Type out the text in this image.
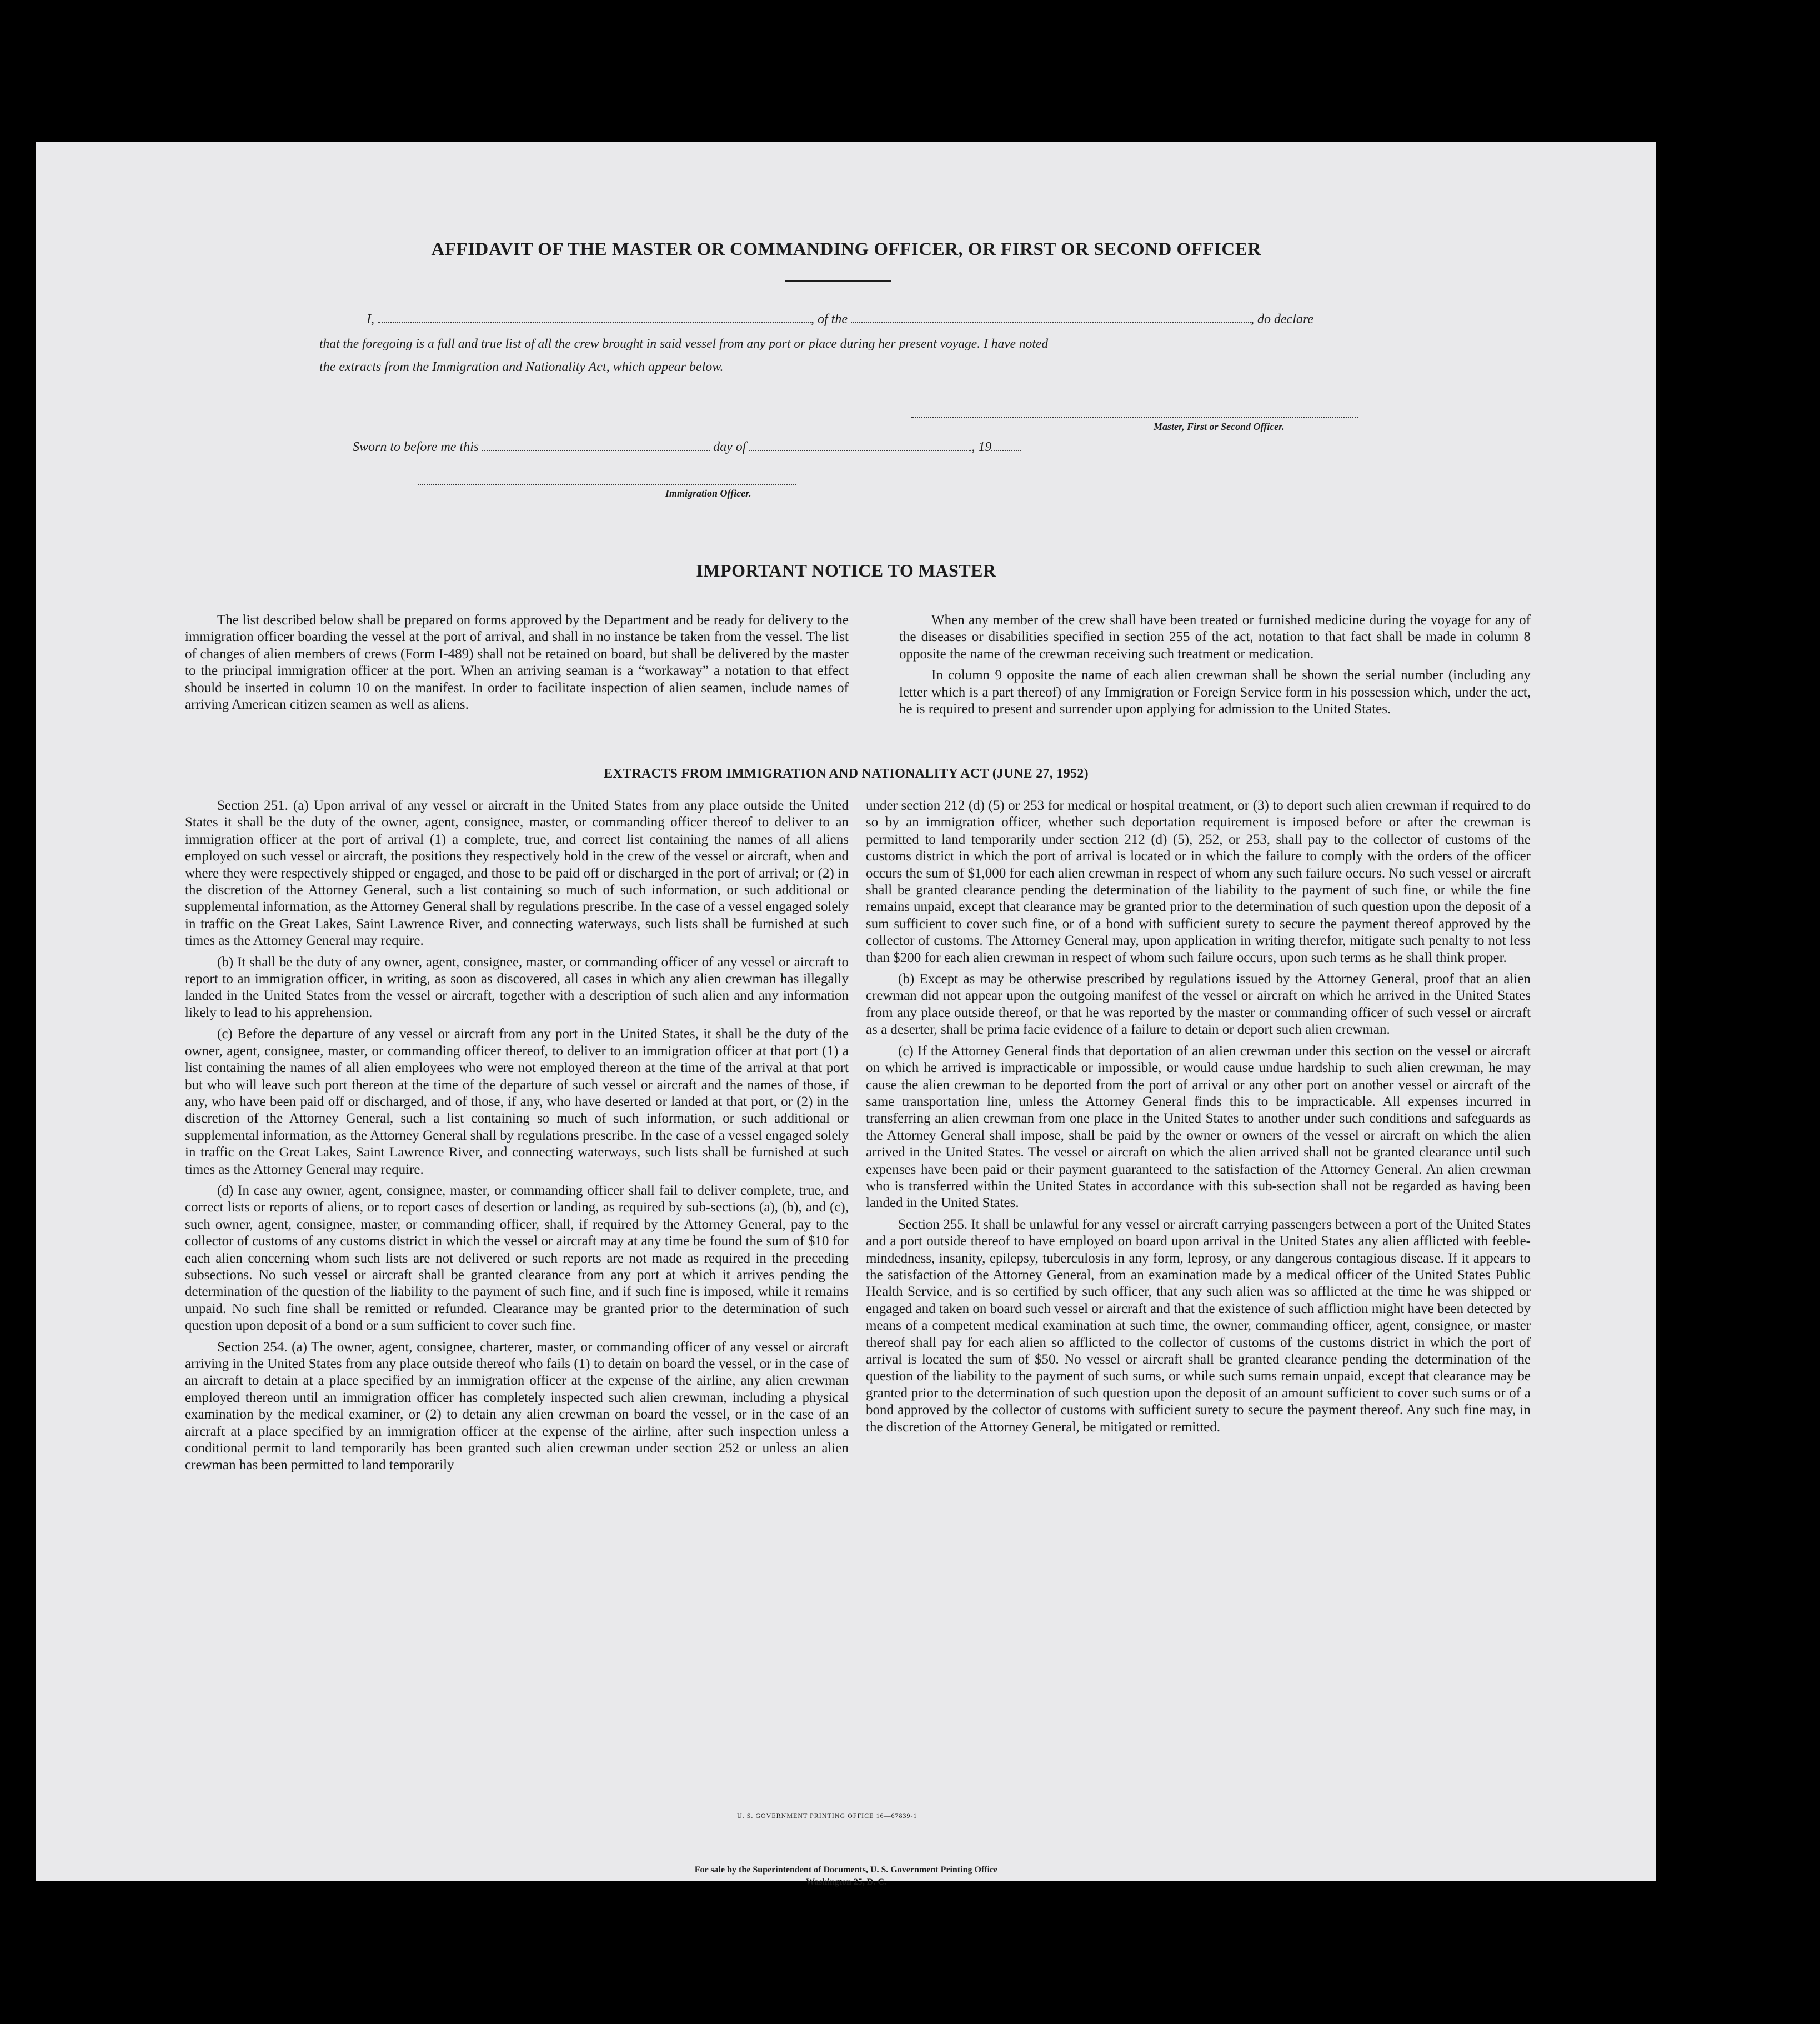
AFFIDAVIT OF THE MASTER OR COMMANDING OFFICER, OR FIRST OR SECOND OFFICER
I,	, of the	, do declare
that the foregoing is a full and true list of all the crew brought in said vessel from any port or place during her present voyage. I have noted
the extracts from the Immigration and Nationality Act, which appear below.
Master, First or Second Officer.
Sworn to before me this	day of	, 19
Immigration Officer.
IMPORTANT NOTICE TO MASTER

The list described below shall be prepared on forms approved by the Department and be ready for delivery to the immigration officer boarding the vessel at the port of arrival, and shall in no instance be taken from the vessel. The list of changes of alien members of crews (Form I-489) shall not be retained on board, but shall be delivered by the master to the principal immigration officer at the port. When an arriving seaman is a “workaway” a notation to that effect should be inserted in column 10 on the manifest. In order to facilitate inspection of alien seamen, include names of arriving American citizen seamen as well as aliens.

When any member of the crew shall have been treated or furnished medicine during the voyage for any of the diseases or disabilities specified in section 255 of the act, notation to that fact shall be made in column 8 opposite the name of the crewman receiving such treatment or medication.

In column 9 opposite the name of each alien crewman shall be shown the serial number (including any letter which is a part thereof) of any Immigration or Foreign Service form in his possession which, under the act, he is required to present and surrender upon applying for admission to the United States.

EXTRACTS FROM IMMIGRATION AND NATIONALITY ACT (JUNE 27, 1952)

Section 251. (a) Upon arrival of any vessel or aircraft in the United States from any place outside the United States it shall be the duty of the owner, agent, consignee, master, or commanding officer thereof to deliver to an immigration officer at the port of arrival (1) a complete, true, and correct list containing the names of all aliens employed on such vessel or aircraft, the positions they respectively hold in the crew of the vessel or aircraft, when and where they were respectively shipped or engaged, and those to be paid off or discharged in the port of arrival; or (2) in the discretion of the Attorney General, such a list containing so much of such information, or such additional or supplemental information, as the Attorney General shall by regulations prescribe. In the case of a vessel engaged solely in traffic on the Great Lakes, Saint Lawrence River, and connecting waterways, such lists shall be furnished at such times as the Attorney General may require.

(b) It shall be the duty of any owner, agent, consignee, master, or commanding officer of any vessel or aircraft to report to an immigration officer, in writing, as soon as discovered, all cases in which any alien crewman has illegally landed in the United States from the vessel or aircraft, together with a description of such alien and any information likely to lead to his apprehension.

(c) Before the departure of any vessel or aircraft from any port in the United States, it shall be the duty of the owner, agent, consignee, master, or commanding officer thereof, to deliver to an immigration officer at that port (1) a list containing the names of all alien employees who were not employed thereon at the time of the arrival at that port but who will leave such port thereon at the time of the departure of such vessel or aircraft and the names of those, if any, who have been paid off or discharged, and of those, if any, who have deserted or landed at that port, or (2) in the discretion of the Attorney General, such a list containing so much of such information, or such additional or supplemental information, as the Attorney General shall by regulations prescribe. In the case of a vessel engaged solely in traffic on the Great Lakes, Saint Lawrence River, and connecting waterways, such lists shall be furnished at such times as the Attorney General may require.

(d) In case any owner, agent, consignee, master, or commanding officer shall fail to deliver complete, true, and correct lists or reports of aliens, or to report cases of desertion or landing, as required by sub-sections (a), (b), and (c), such owner, agent, consignee, master, or commanding officer, shall, if required by the Attorney General, pay to the collector of customs of any customs district in which the vessel or aircraft may at any time be found the sum of $10 for each alien concerning whom such lists are not delivered or such reports are not made as required in the preceding subsections. No such vessel or aircraft shall be granted clearance from any port at which it arrives pending the determination of the question of the liability to the payment of such fine, and if such fine is imposed, while it remains unpaid. No such fine shall be remitted or refunded. Clearance may be granted prior to the determination of such question upon deposit of a bond or a sum sufficient to cover such fine.

Section 254. (a) The owner, agent, consignee, charterer, master, or commanding officer of any vessel or aircraft arriving in the United States from any place outside thereof who fails (1) to detain on board the vessel, or in the case of an aircraft to detain at a place specified by an immigration officer at the expense of the airline, any alien crewman employed thereon until an immigration officer has completely inspected such alien crewman, including a physical examination by the medical examiner, or (2) to detain any alien crewman on board the vessel, or in the case of an aircraft at a place specified by an immigration officer at the expense of the airline, after such inspection unless a conditional permit to land temporarily has been granted such alien crewman under section 252 or unless an alien crewman has been permitted to land temporarily

under section 212 (d) (5) or 253 for medical or hospital treatment, or (3) to deport such alien crewman if required to do so by an immigration officer, whether such deportation requirement is imposed before or after the crewman is permitted to land temporarily under section 212 (d) (5), 252, or 253, shall pay to the collector of customs of the customs district in which the port of arrival is located or in which the failure to comply with the orders of the officer occurs the sum of $1,000 for each alien crewman in respect of whom any such failure occurs. No such vessel or aircraft shall be granted clearance pending the determination of the liability to the payment of such fine, or while the fine remains unpaid, except that clearance may be granted prior to the determination of such question upon the deposit of a sum sufficient to cover such fine, or of a bond with sufficient surety to secure the payment thereof approved by the collector of customs. The Attorney General may, upon application in writing therefor, mitigate such penalty to not less than $200 for each alien crewman in respect of whom such failure occurs, upon such terms as he shall think proper.

(b) Except as may be otherwise prescribed by regulations issued by the Attorney General, proof that an alien crewman did not appear upon the outgoing manifest of the vessel or aircraft on which he arrived in the United States from any place outside thereof, or that he was reported by the master or commanding officer of such vessel or aircraft as a deserter, shall be prima facie evidence of a failure to detain or deport such alien crewman.

(c) If the Attorney General finds that deportation of an alien crewman under this section on the vessel or aircraft on which he arrived is impracticable or impossible, or would cause undue hardship to such alien crewman, he may cause the alien crewman to be deported from the port of arrival or any other port on another vessel or aircraft of the same transportation line, unless the Attorney General finds this to be impracticable. All expenses incurred in transferring an alien crewman from one place in the United States to another under such conditions and safeguards as the Attorney General shall impose, shall be paid by the owner or owners of the vessel or aircraft on which the alien arrived in the United States. The vessel or aircraft on which the alien arrived shall not be granted clearance until such expenses have been paid or their payment guaranteed to the satisfaction of the Attorney General. An alien crewman who is transferred within the United States in accordance with this sub-section shall not be regarded as having been landed in the United States.

Section 255. It shall be unlawful for any vessel or aircraft carrying passengers between a port of the United States and a port outside thereof to have employed on board upon arrival in the United States any alien afflicted with feeble-mindedness, insanity, epilepsy, tuberculosis in any form, leprosy, or any dangerous contagious disease. If it appears to the satisfaction of the Attorney General, from an examination made by a medical officer of the United States Public Health Service, and is so certified by such officer, that any such alien was so afflicted at the time he was shipped or engaged and taken on board such vessel or aircraft and that the existence of such affliction might have been detected by means of a competent medical examination at such time, the owner, commanding officer, agent, consignee, or master thereof shall pay for each alien so afflicted to the collector of customs of the customs district in which the port of arrival is located the sum of $50. No vessel or aircraft shall be granted clearance pending the determination of the question of the liability to the payment of such sums, or while such sums remain unpaid, except that clearance may be granted prior to the determination of such question upon the deposit of an amount sufficient to cover such sums or of a bond approved by the collector of customs with sufficient surety to secure the payment thereof. Any such fine may, in the discretion of the Attorney General, be mitigated or remitted.

U. S. GOVERNMENT PRINTING OFFICE 16—67839-1
For sale by the Superintendent of Documents, U. S. Government Printing Office
Washington 25, D. C.
